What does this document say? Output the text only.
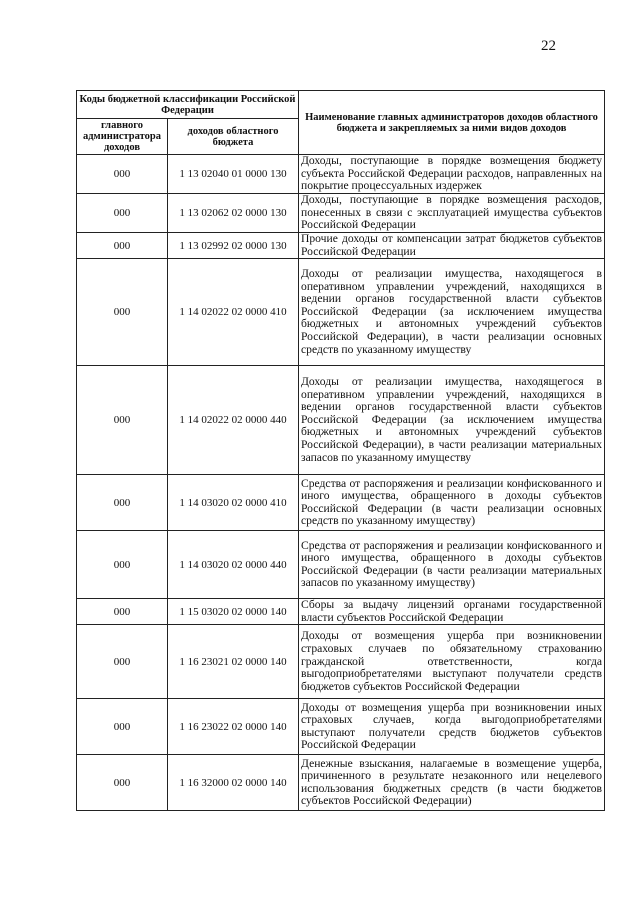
22
Коды бюджетной классификации Российской Федерации		Наименование главных администраторов доходов областного бюджета и закрепляемых за ними видов доходов
главного администратора доходов	доходов областного бюджета	
000	1 13 02040 01 0000 130	Доходы, поступающие в порядке возмещения бюджету субъекта Российской Федерации расходов, направленных на покрытие процессуальных издержек
000	1 13 02062 02 0000 130	Доходы, поступающие в порядке возмещения расходов, понесенных в связи с эксплуатацией имущества субъектов Российской Федерации
000	1 13 02992 02 0000 130	Прочие доходы от компенсации затрат бюджетов субъектов Российской Федерации
000	1 14 02022 02 0000 410	Доходы от реализации имущества, находящегося в оперативном управлении учреждений, находящихся в ведении органов государственной власти субъектов Российской Федерации (за исключением имущества бюджетных и автономных учреждений субъектов Российской Федерации), в части реализации основных средств по указанному имуществу
000	1 14 02022 02 0000 440	Доходы от реализации имущества, находящегося в оперативном управлении учреждений, находящихся в ведении органов государственной власти субъектов Российской Федерации (за исключением имущества бюджетных и автономных учреждений субъектов Российской Федерации), в части реализации материальных запасов по указанному имуществу
000	1 14 03020 02 0000 410	Средства от распоряжения и реализации конфискованного и иного имущества, обращенного в доходы субъектов Российской Федерации (в части реализации основных средств по указанному имуществу)
000	1 14 03020 02 0000 440	Средства от распоряжения и реализации конфискованного и иного имущества, обращенного в доходы субъектов Российской Федерации (в части реализации материальных запасов по указанному имуществу)
000	1 15 03020 02 0000 140	Сборы за выдачу лицензий органами государственной власти субъектов Российской Федерации
000	1 16 23021 02 0000 140	Доходы от возмещения ущерба при возникновении страховых случаев по обязательному страхованию гражданской ответственности, когда выгодоприобретателями выступают получатели средств бюджетов субъектов Российской Федерации
000	1 16 23022 02 0000 140	Доходы от возмещения ущерба при возникновении иных страховых случаев, когда выгодоприобретателями выступают получатели средств бюджетов субъектов Российской Федерации
000	1 16 32000 02 0000 140	Денежные взыскания, налагаемые в возмещение ущерба, причиненного в результате незаконного или нецелевого использования бюджетных средств (в части бюджетов субъектов Российской Федерации)
